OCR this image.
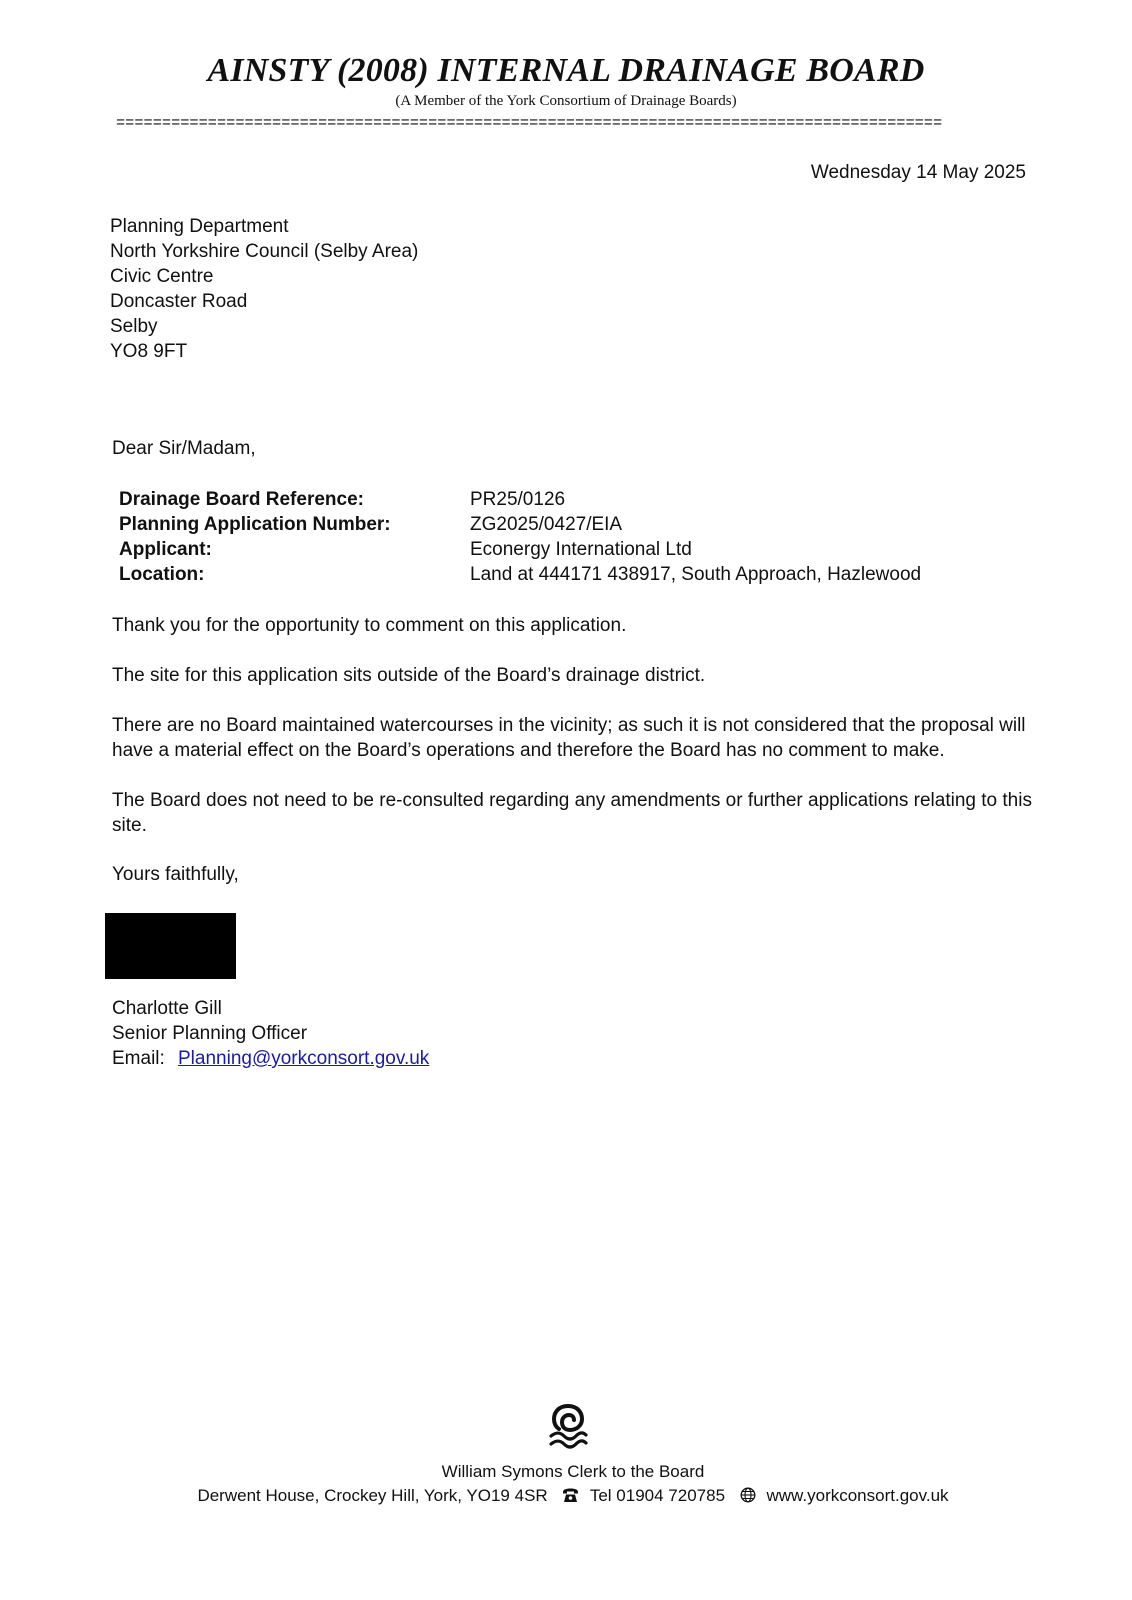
AINSTY (2008) INTERNAL DRAINAGE BOARD
(A Member of the York Consortium of Drainage Boards)
==========================================================================================
Wednesday 14 May 2025
Planning Department
North Yorkshire Council (Selby Area)
Civic Centre
Doncaster Road
Selby
YO8 9FT
Dear Sir/Madam,
Drainage Board Reference:	PR25/0126
Planning Application Number:	ZG2025/0427/EIA
Applicant:	Econergy International Ltd
Location:	Land at 444171 438917, South Approach, Hazlewood
Thank you for the opportunity to comment on this application.
The site for this application sits outside of the Board’s drainage district.
There are no Board maintained watercourses in the vicinity; as such it is not considered that the proposal will have a material effect on the Board’s operations and therefore the Board has no comment to make.
The Board does not need to be re-consulted regarding any amendments or further applications relating to this site.
Yours faithfully,
Charlotte Gill
Senior Planning Officer
Email: Planning@yorkconsort.gov.uk
William Symons Clerk to the Board
Derwent House, Crockey Hill, York, YO19 4SR Tel 01904 720785 www.yorkconsort.gov.uk
